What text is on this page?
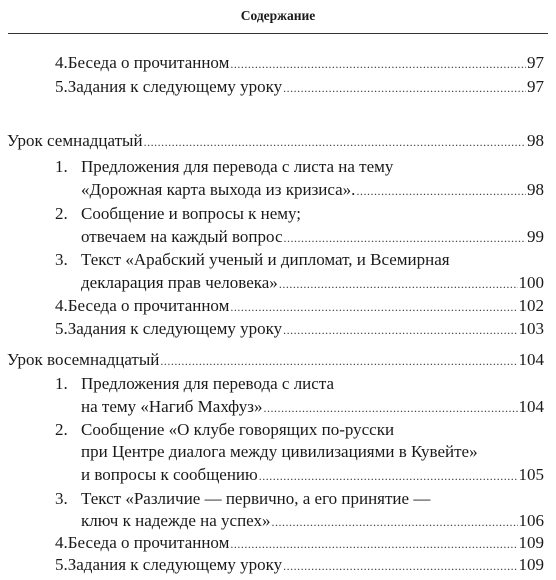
Содержание
4. Беседа о прочитанном .....	97
5. Задания к следующему уроку .....	97
Урок семнадцатый .....	98
1. Предложения для перевода с листа на тему
«Дорожная карта выхода из кризиса». .....	98
2. Сообщение и вопросы к нему;
отвечаем на каждый вопрос .....	99
3. Текст «Арабский ученый и дипломат, и Всемирная
декларация прав человека» .....	100
4. Беседа о прочитанном .....	102
5. Задания к следующему уроку .....	103
Урок восемнадцатый .....	104
1. Предложения для перевода с листа
на тему «Нагиб Махфуз» .....	104
2. Сообщение «О клубе говорящих по-русски
при Центре диалога между цивилизациями в Кувейте»
и вопросы к сообщению .....	105
3. Текст «Различие — первично, а его принятие —
ключ к надежде на успех» .....	106
4. Беседа о прочитанном .....	109
5. Задания к следующему уроку .....	109
